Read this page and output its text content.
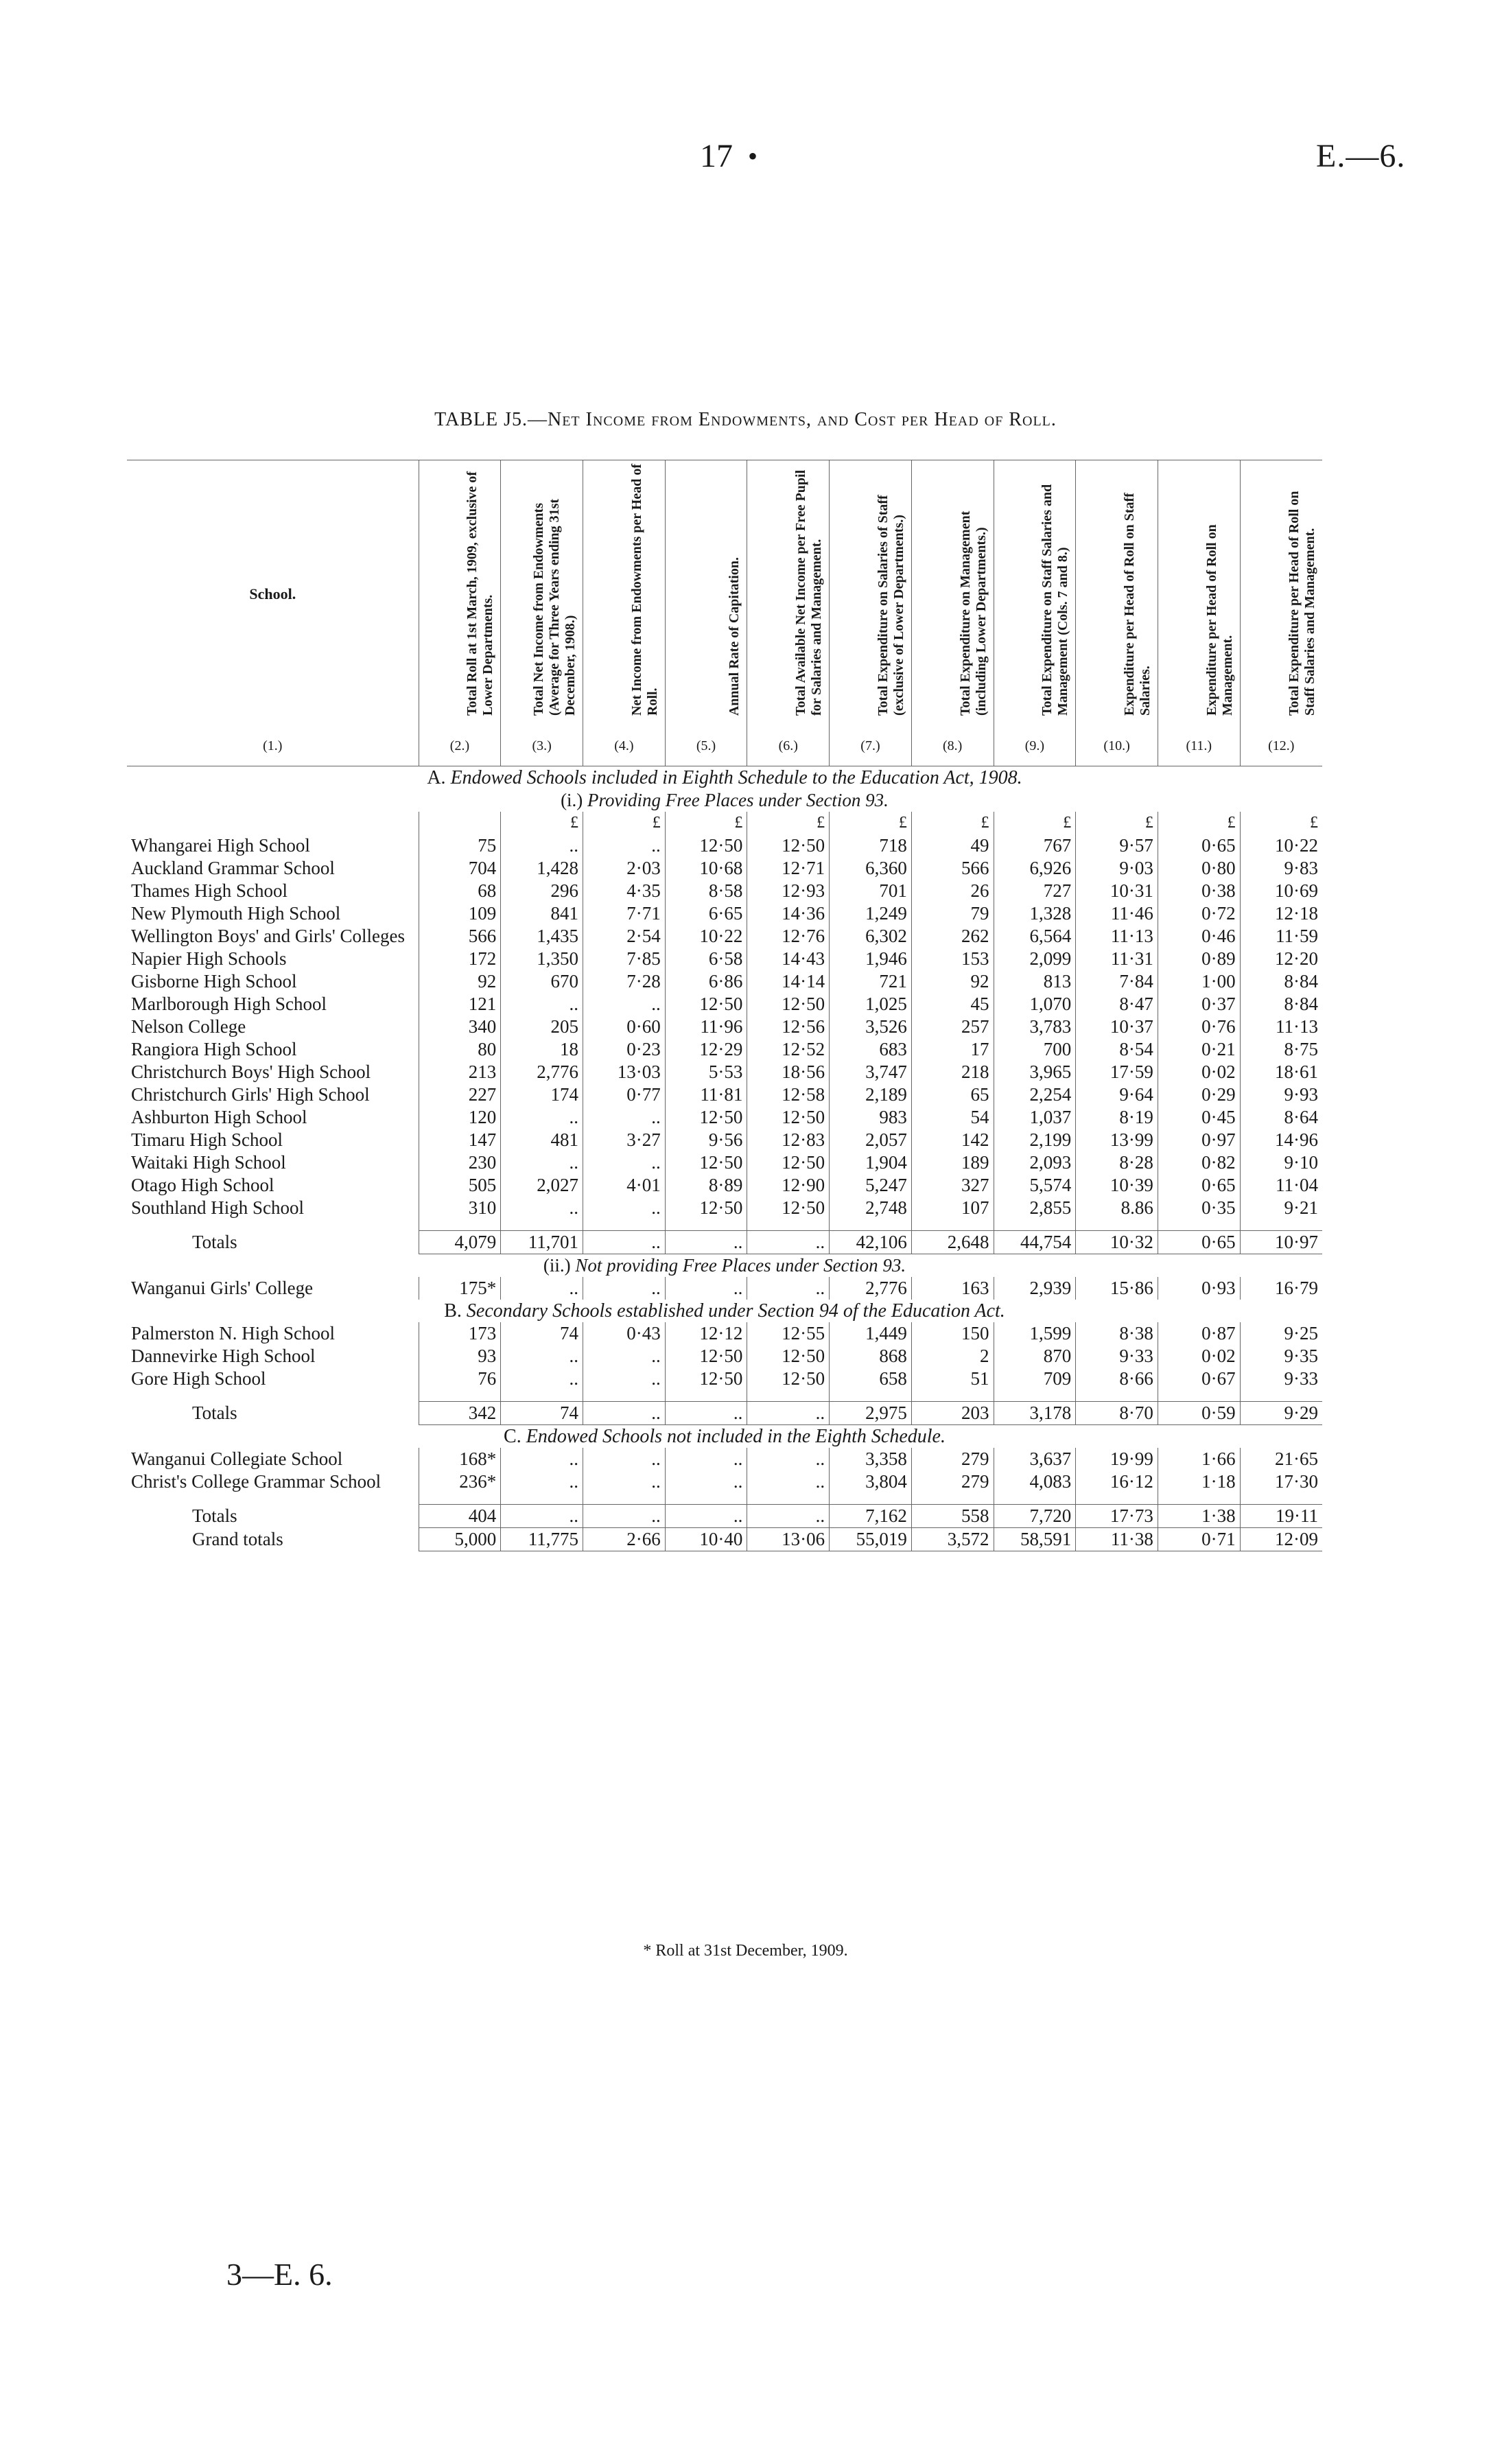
17 •	E.—6.
TABLE J5.—Net Income from Endowments, and Cost per Head of Roll.
School.	Total Roll at 1st March, 1909, exclusive of Lower Departments.	Total Net Income from Endowments (Average for Three Years ending 31st December, 1908.)	Net Income from Endowments per Head of Roll.	Annual Rate of Capitation.	Total Available Net Income per Free Pupil for Salaries and Management.	Total Expenditure on Salaries of Staff (exclusive of Lower Departments.)	Total Expenditure on Management (including Lower Departments.)	Total Expenditure on Staff Salaries and Management (Cols. 7 and 8.)	Expenditure per Head of Roll on Staff Salaries.	Expenditure per Head of Roll on Management.	Total Expenditure per Head of Roll on Staff Salaries and Management.
(1.)	(2.)	(3.)	(4.)	(5.)	(6.)	(7.)	(8.)	(9.)	(10.)	(11.)	(12.)
A. Endowed Schools included in Eighth Schedule to the Education Act, 1908.											
(i.) Providing Free Places under Section 93.											
		£	£	£	£	£	£	£	£	£	£
Whangarei High School	75	..	..	12·50	12·50	718	49	767	9·57	0·65	10·22
Auckland Grammar School	704	1,428	2·03	10·68	12·71	6,360	566	6,926	9·03	0·80	9·83
Thames High School	68	296	4·35	8·58	12·93	701	26	727	10·31	0·38	10·69
New Plymouth High School	109	841	7·71	6·65	14·36	1,249	79	1,328	11·46	0·72	12·18
Wellington Boys' and Girls' Colleges	566	1,435	2·54	10·22	12·76	6,302	262	6,564	11·13	0·46	11·59
Napier High Schools	172	1,350	7·85	6·58	14·43	1,946	153	2,099	11·31	0·89	12·20
Gisborne High School	92	670	7·28	6·86	14·14	721	92	813	7·84	1·00	8·84
Marlborough High School	121	..	..	12·50	12·50	1,025	45	1,070	8·47	0·37	8·84
Nelson College	340	205	0·60	11·96	12·56	3,526	257	3,783	10·37	0·76	11·13
Rangiora High School	80	18	0·23	12·29	12·52	683	17	700	8·54	0·21	8·75
Christchurch Boys' High School	213	2,776	13·03	5·53	18·56	3,747	218	3,965	17·59	0·02	18·61
Christchurch Girls' High School	227	174	0·77	11·81	12·58	2,189	65	2,254	9·64	0·29	9·93
Ashburton High School	120	..	..	12·50	12·50	983	54	1,037	8·19	0·45	8·64
Timaru High School	147	481	3·27	9·56	12·83	2,057	142	2,199	13·99	0·97	14·96
Waitaki High School	230	..	..	12·50	12·50	1,904	189	2,093	8·28	0·82	9·10
Otago High School	505	2,027	4·01	8·89	12·90	5,247	327	5,574	10·39	0·65	11·04
Southland High School	310	..	..	12·50	12·50	2,748	107	2,855	8.86	0·35	9·21

Totals	4,079	11,701	..	..	..	42,106	2,648	44,754	10·32	0·65	10·97
(ii.) Not providing Free Places under Section 93.											
Wanganui Girls' College	175*	..	..	..	..	2,776	163	2,939	15·86	0·93	16·79
B. Secondary Schools established under Section 94 of the Education Act.											
Palmerston N. High School	173	74	0·43	12·12	12·55	1,449	150	1,599	8·38	0·87	9·25
Dannevirke High School	93	..	..	12·50	12·50	868	2	870	9·33	0·02	9·35
Gore High School	76	..	..	12·50	12·50	658	51	709	8·66	0·67	9·33

Totals	342	74	..	..	..	2,975	203	3,178	8·70	0·59	9·29
C. Endowed Schools not included in the Eighth Schedule.											
Wanganui Collegiate School	168*	..	..	..	..	3,358	279	3,637	19·99	1·66	21·65
Christ's College Grammar School	236*	..	..	..	..	3,804	279	4,083	16·12	1·18	17·30

Totals	404	..	..	..	..	7,162	558	7,720	17·73	1·38	19·11
Grand totals	5,000	11,775	2·66	10·40	13·06	55,019	3,572	58,591	11·38	0·71	12·09
* Roll at 31st December, 1909.
3—E. 6.
